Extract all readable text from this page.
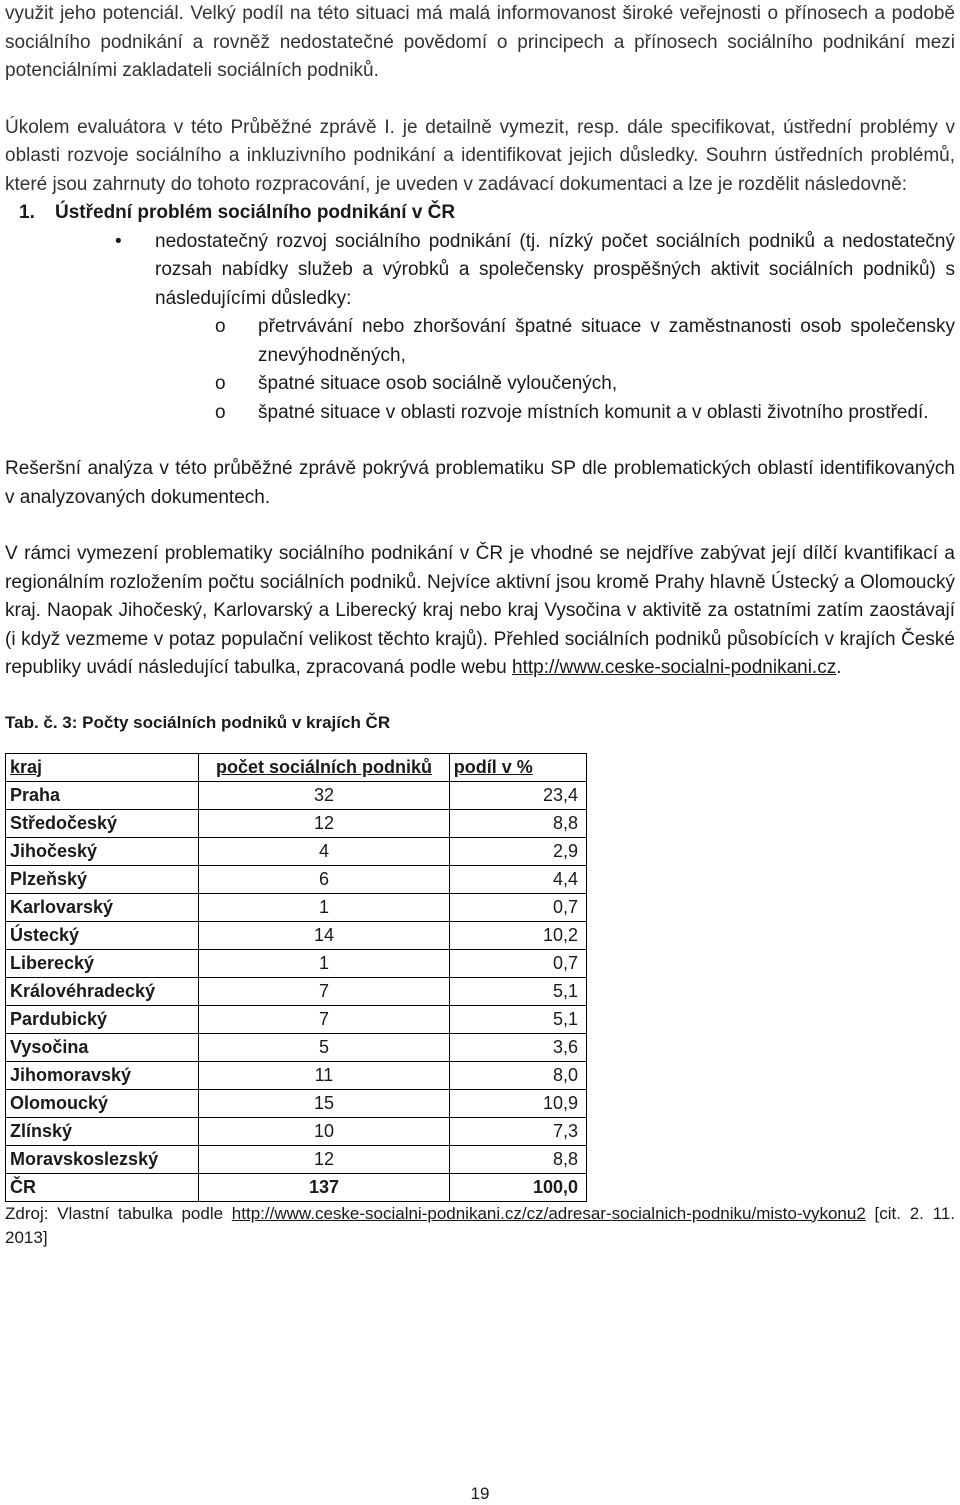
využit jeho potenciál. Velký podíl na této situaci má malá informovanost široké veřejnosti o přínosech a podobě sociálního podnikání a rovněž nedostatečné povědomí o principech a přínosech sociálního podnikání mezi potenciálními zakladateli sociálních podniků.

Úkolem evaluátora v této Průběžné zprávě I. je detailně vymezit, resp. dále specifikovat, ústřední problémy v oblasti rozvoje sociálního a inkluzivního podnikání a identifikovat jejich důsledky. Souhrn ústředních problémů, které jsou zahrnuty do tohoto rozpracování, je uveden v zadávací dokumentaci a lze je rozdělit následovně:

1. Ústřední problém sociálního podnikání v ČR
• nedostatečný rozvoj sociálního podnikání (tj. nízký počet sociálních podniků a nedostatečný rozsah nabídky služeb a výrobků a společensky prospěšných aktivit sociálních podniků) s následujícími důsledky:
o přetrvávání nebo zhoršování špatné situace v zaměstnanosti osob společensky znevýhodněných,
o špatné situace osob sociálně vyloučených,
o špatné situace v oblasti rozvoje místních komunit a v oblasti životního prostředí.

Rešeršní analýza v této průběžné zprávě pokrývá problematiku SP dle problematických oblastí identifikovaných v analyzovaných dokumentech.

V rámci vymezení problematiky sociálního podnikání v ČR je vhodné se nejdříve zabývat její dílčí kvantifikací a regionálním rozložením počtu sociálních podniků. Nejvíce aktivní jsou kromě Prahy hlavně Ústecký a Olomoucký kraj. Naopak Jihočeský, Karlovarský a Liberecký kraj nebo kraj Vysočina v aktivitě za ostatními zatím zaostávají (i když vezmeme v potaz populační velikost těchto krajů). Přehled sociálních podniků působících v krajích České republiky uvádí následující tabulka, zpracovaná podle webu http://www.ceske-socialni-podnikani.cz.

Tab. č. 3: Počty sociálních podniků v krajích ČR
kraj	počet sociálních podniků	podíl v %
Praha	32	23,4
Středočeský	12	8,8
Jihočeský	4	2,9
Plzeňský	6	4,4
Karlovarský	1	0,7
Ústecký	14	10,2
Liberecký	1	0,7
Královéhradecký	7	5,1
Pardubický	7	5,1
Vysočina	5	3,6
Jihomoravský	11	8,0
Olomoucký	15	10,9
Zlínský	10	7,3
Moravskoslezský	12	8,8
ČR	137	100,0
Zdroj: Vlastní tabulka podle http://www.ceske-socialni-podnikani.cz/cz/adresar-socialnich-podniku/misto-vykonu2 [cit. 2. 11. 2013]
19
